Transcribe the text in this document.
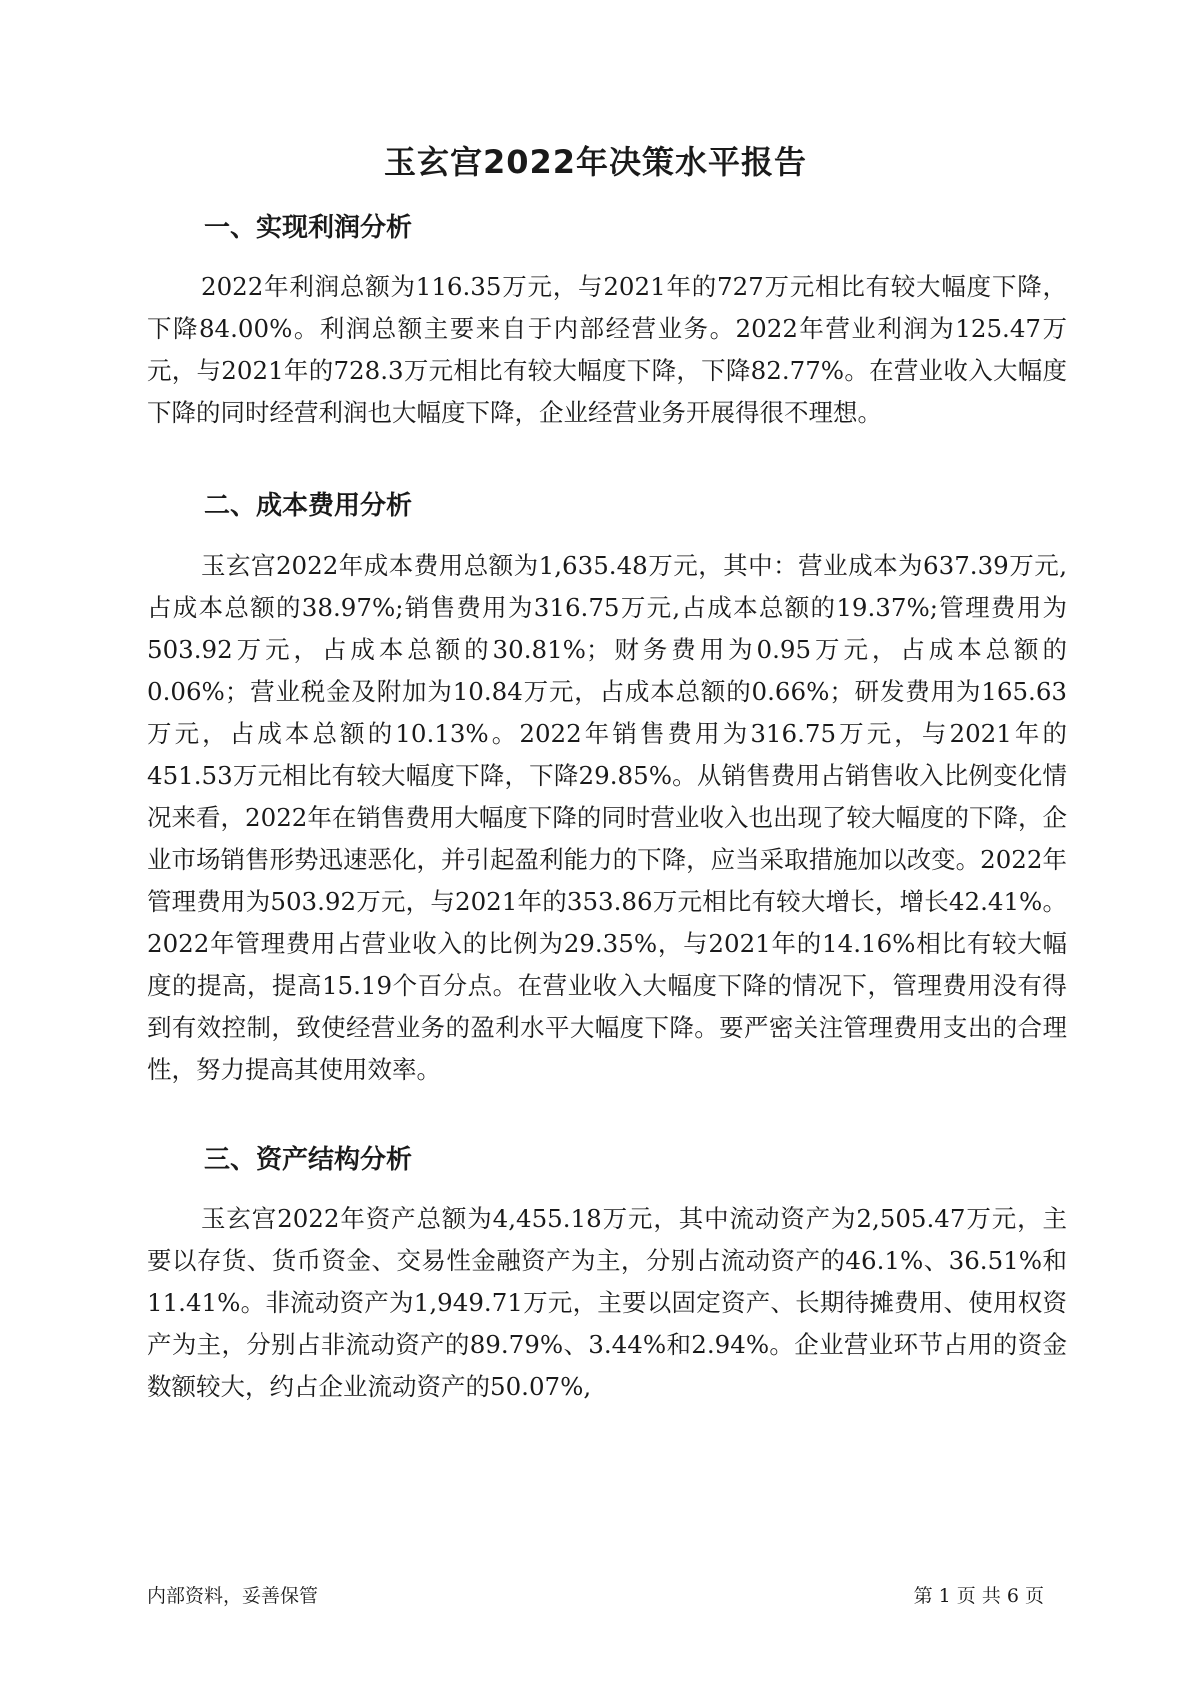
玉玄宫2022年决策水平报告
一、实现利润分析

2022年利润总额为116.35万元，与2021年的727万元相比有较大幅度下降，下降84.00%。利润总额主要来自于内部经营业务。2022年营业利润为125.47万元，与2021年的728.3万元相比有较大幅度下降，下降82.77%。在营业收入大幅度下降的同时经营利润也大幅度下降，企业经营业务开展得很不理想。

二、成本费用分析

玉玄宫2022年成本费用总额为1,635.48万元，其中：营业成本为637.39万元,占成本总额的38.97%;销售费用为316.75万元,占成本总额的19.37%;管理费用为503.92万元，占成本总额的30.81%；财务费用为0.95万元，占成本总额的0.06%；营业税金及附加为10.84万元，占成本总额的0.66%；研发费用为165.63万元，占成本总额的10.13%。2022年销售费用为316.75万元，与2021年的451.53万元相比有较大幅度下降，下降29.85%。从销售费用占销售收入比例变化情况来看，2022年在销售费用大幅度下降的同时营业收入也出现了较大幅度的下降，企业市场销售形势迅速恶化，并引起盈利能力的下降，应当采取措施加以改变。2022年管理费用为503.92万元，与2021年的353.86万元相比有较大增长，增长42.41%。2022年管理费用占营业收入的比例为29.35%，与2021年的14.16%相比有较大幅度的提高，提高15.19个百分点。在营业收入大幅度下降的情况下，管理费用没有得到有效控制，致使经营业务的盈利水平大幅度下降。要严密关注管理费用支出的合理性，努力提高其使用效率。

三、资产结构分析

玉玄宫2022年资产总额为4,455.18万元，其中流动资产为2,505.47万元，主要以存货、货币资金、交易性金融资产为主，分别占流动资产的46.1%、36.51%和11.41%。非流动资产为1,949.71万元，主要以固定资产、长期待摊费用、使用权资产为主，分别占非流动资产的89.79%、3.44%和2.94%。企业营业环节占用的资金数额较大，约占企业流动资产的50.07%,

内部资料，妥善保管	第 1 页 共 6 页
